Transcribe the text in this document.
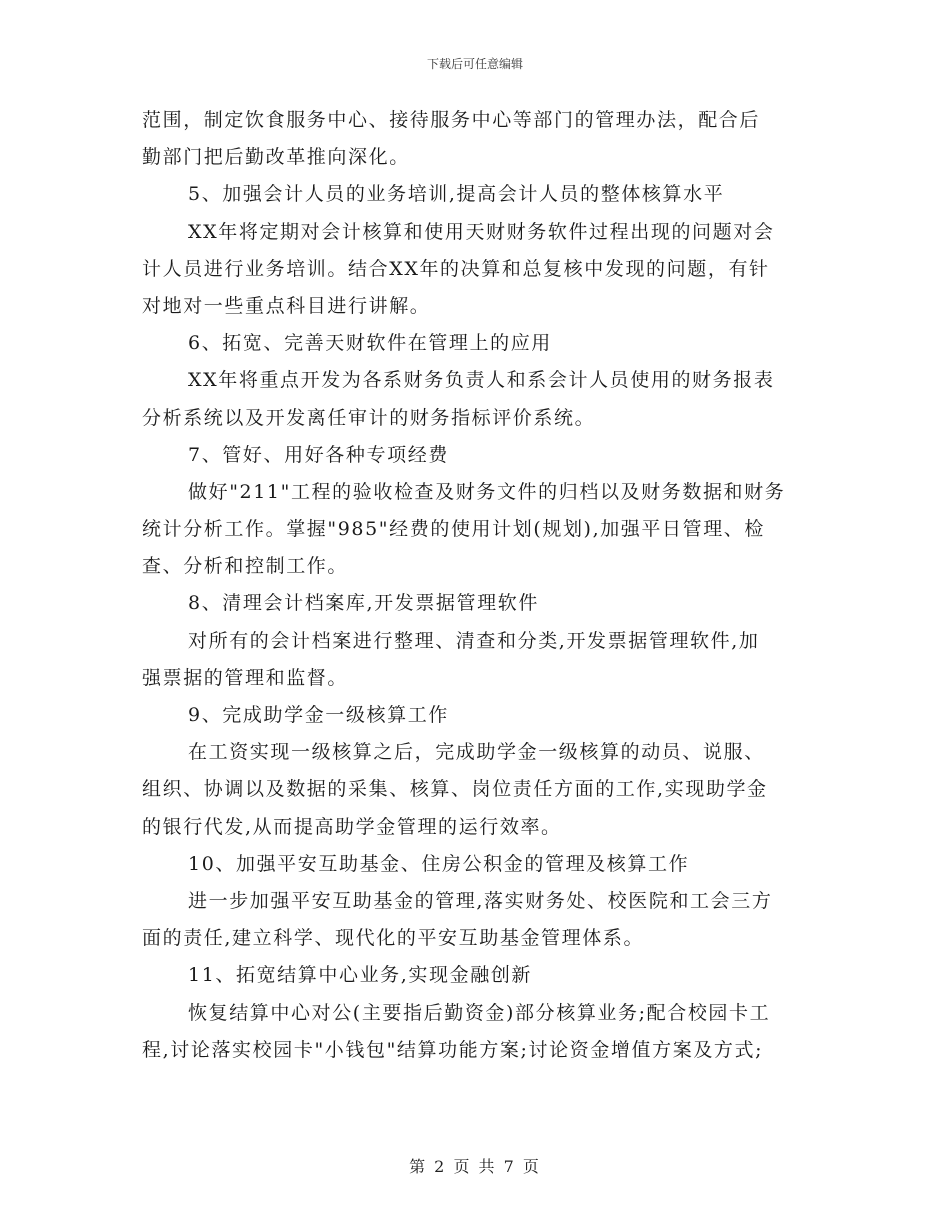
下载后可任意编辑
范围，制定饮食服务中心、接待服务中心等部门的管理办法，配合后
勤部门把后勤改革推向深化。
5、加强会计人员的业务培训,提高会计人员的整体核算水平
XX年将定期对会计核算和使用天财财务软件过程出现的问题对会
计人员进行业务培训。结合XX年的决算和总复核中发现的问题，有针
对地对一些重点科目进行讲解。
6、拓宽、完善天财软件在管理上的应用
XX年将重点开发为各系财务负责人和系会计人员使用的财务报表
分析系统以及开发离任审计的财务指标评价系统。
7、管好、用好各种专项经费
做好"211"工程的验收检查及财务文件的归档以及财务数据和财务
统计分析工作。掌握"985"经费的使用计划(规划),加强平日管理、检
查、分析和控制工作。
8、清理会计档案库,开发票据管理软件
对所有的会计档案进行整理、清查和分类,开发票据管理软件,加
强票据的管理和监督。
9、完成助学金一级核算工作
在工资实现一级核算之后，完成助学金一级核算的动员、说服、
组织、协调以及数据的采集、核算、岗位责任方面的工作,实现助学金
的银行代发,从而提高助学金管理的运行效率。
10、加强平安互助基金、住房公积金的管理及核算工作
进一步加强平安互助基金的管理,落实财务处、校医院和工会三方
面的责任,建立科学、现代化的平安互助基金管理体系。
11、拓宽结算中心业务,实现金融创新
恢复结算中心对公(主要指后勤资金)部分核算业务;配合校园卡工
程,讨论落实校园卡"小钱包"结算功能方案;讨论资金增值方案及方式;
第 2 页 共 7 页
